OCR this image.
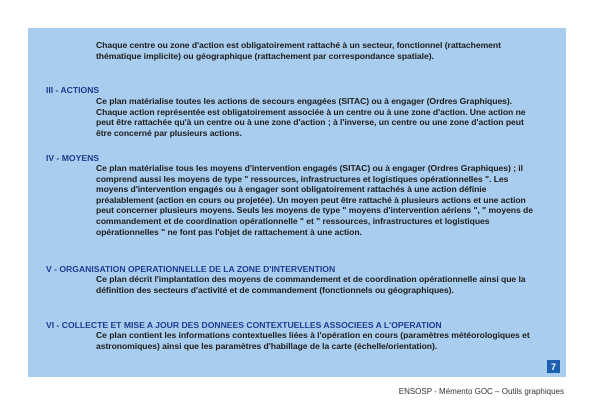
Chaque centre ou zone d'action est obligatoirement rattaché à un secteur, fonctionnel (rattachement thématique implicite) ou géographique (rattachement par correspondance spatiale).

III - ACTIONS

Ce plan matérialise toutes les actions de secours engagées (SITAC) ou à engager (Ordres Graphiques). Chaque action représentée est obligatoirement associée à un centre ou à une zone d'action. Une action ne peut être rattachée qu'à un centre ou à une zone d'action ; à l'inverse, un centre ou une zone d'action peut être concerné par plusieurs actions.

IV - MOYENS

Ce plan matérialise tous les moyens d'intervention engagés (SITAC) ou à engager (Ordres Graphiques) ; il comprend aussi les moyens de type " ressources, infrastructures et logistiques opérationnelles ". Les moyens d'intervention engagés ou à engager sont obligatoirement rattachés à une action définie préalablement (action en cours ou projetée). Un moyen peut être rattaché à plusieurs actions et une action peut concerner plusieurs moyens. Seuls les moyens de type " moyens d'intervention aériens ", " moyens de commandement et de coordination opérationnelle " et " ressources, infrastructures et logistiques opérationnelles " ne font pas l'objet de rattachement à une action.

V - ORGANISATION OPERATIONNELLE DE LA ZONE D'INTERVENTION

Ce plan décrit l'implantation des moyens de commandement et de coordination opérationnelle ainsi que la définition des secteurs d'activité et de commandement (fonctionnels ou géographiques).

VI - COLLECTE ET MISE A JOUR DES DONNEES CONTEXTUELLES ASSOCIEES A L'OPERATION

Ce plan contient les informations contextuelles liées à l'opération en cours (paramètres météorologiques et astronomiques) ainsi que les paramètres d'habillage de la carte (échelle/orientation).

7
ENSOSP - Mémento GOC – Outils graphiques
